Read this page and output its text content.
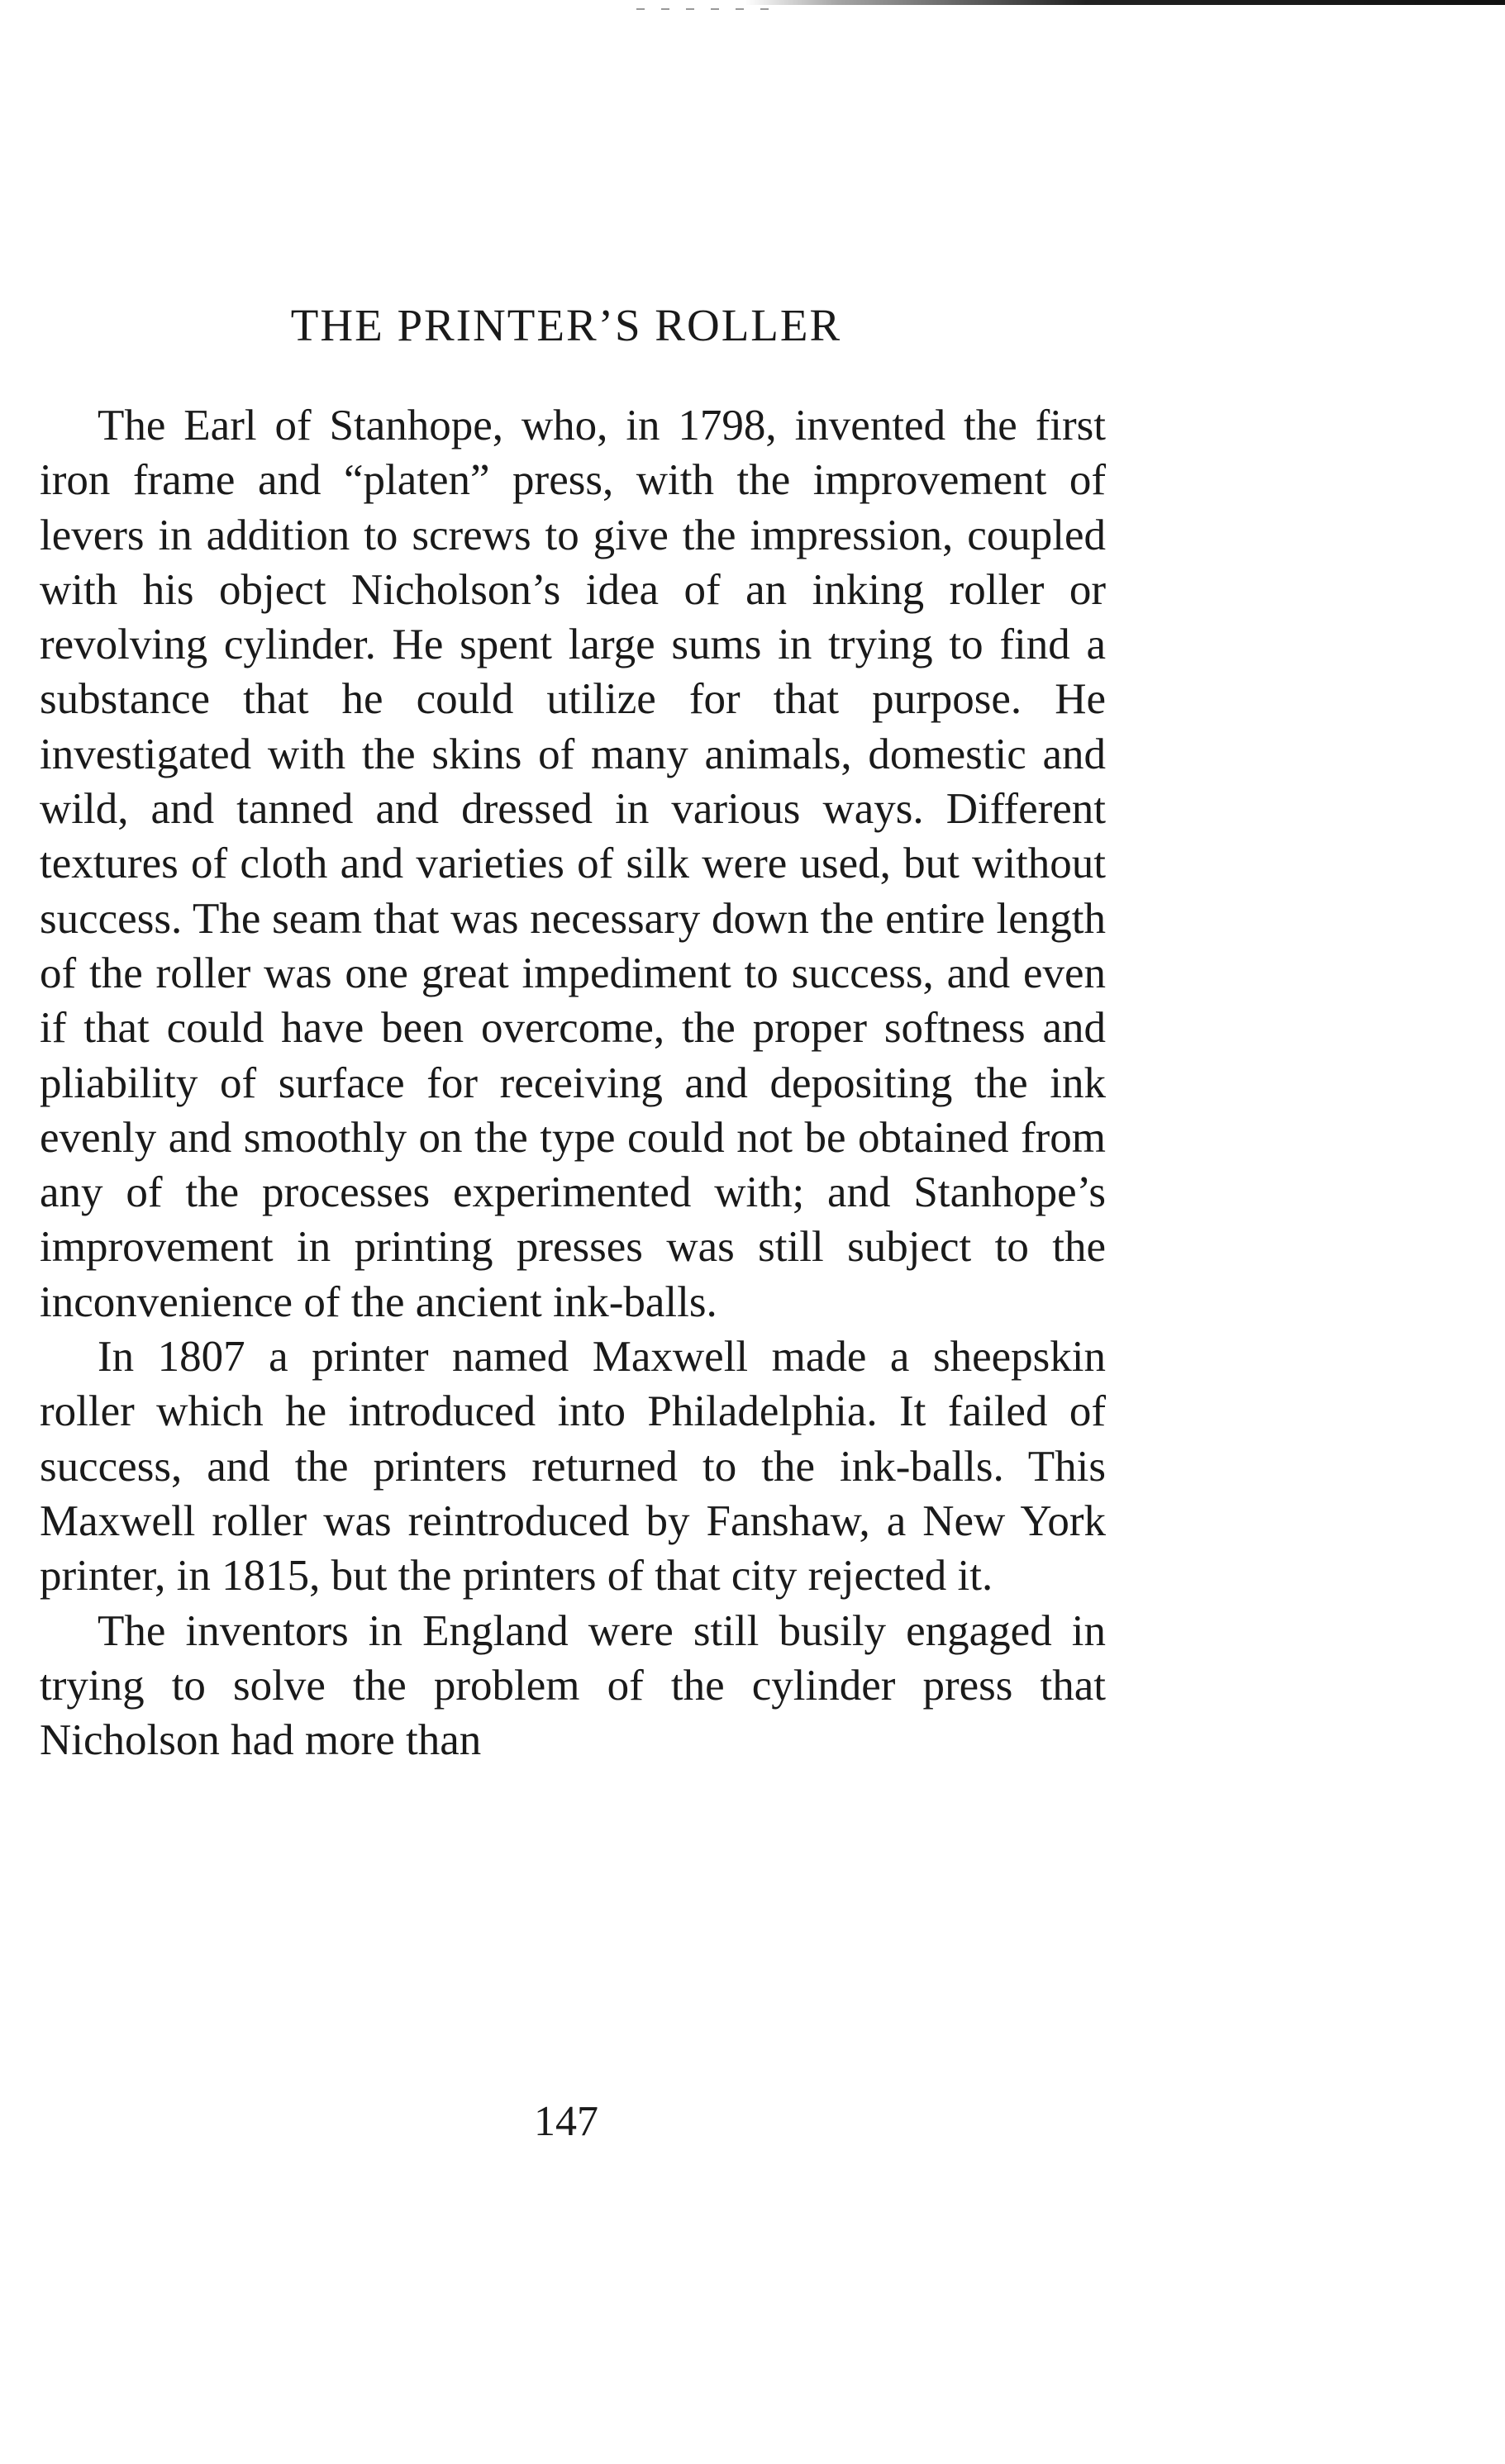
THE PRINTER’S ROLLER

The Earl of Stanhope, who, in 1798, invented the first iron frame and “platen” press, with the improvement of levers in addition to screws to give the impression, coupled with his object Nicholson’s idea of an inking roller or revolving cylinder. He spent large sums in trying to find a substance that he could utilize for that purpose. He investigated with the skins of many animals, domestic and wild, and tanned and dressed in various ways. Different textures of cloth and varieties of silk were used, but without success. The seam that was necessary down the entire length of the roller was one great impediment to success, and even if that could have been overcome, the proper softness and pliability of surface for receiving and depositing the ink evenly and smoothly on the type could not be obtained from any of the processes experimented with; and Stanhope’s improvement in printing presses was still subject to the inconvenience of the ancient ink-balls.

In 1807 a printer named Maxwell made a sheepskin roller which he introduced into Philadelphia. It failed of success, and the printers returned to the ink-balls. This Maxwell roller was reintroduced by Fanshaw, a New York printer, in 1815, but the printers of that city rejected it.

The inventors in England were still busily engaged in trying to solve the problem of the cylinder press that Nicholson had more than

147
